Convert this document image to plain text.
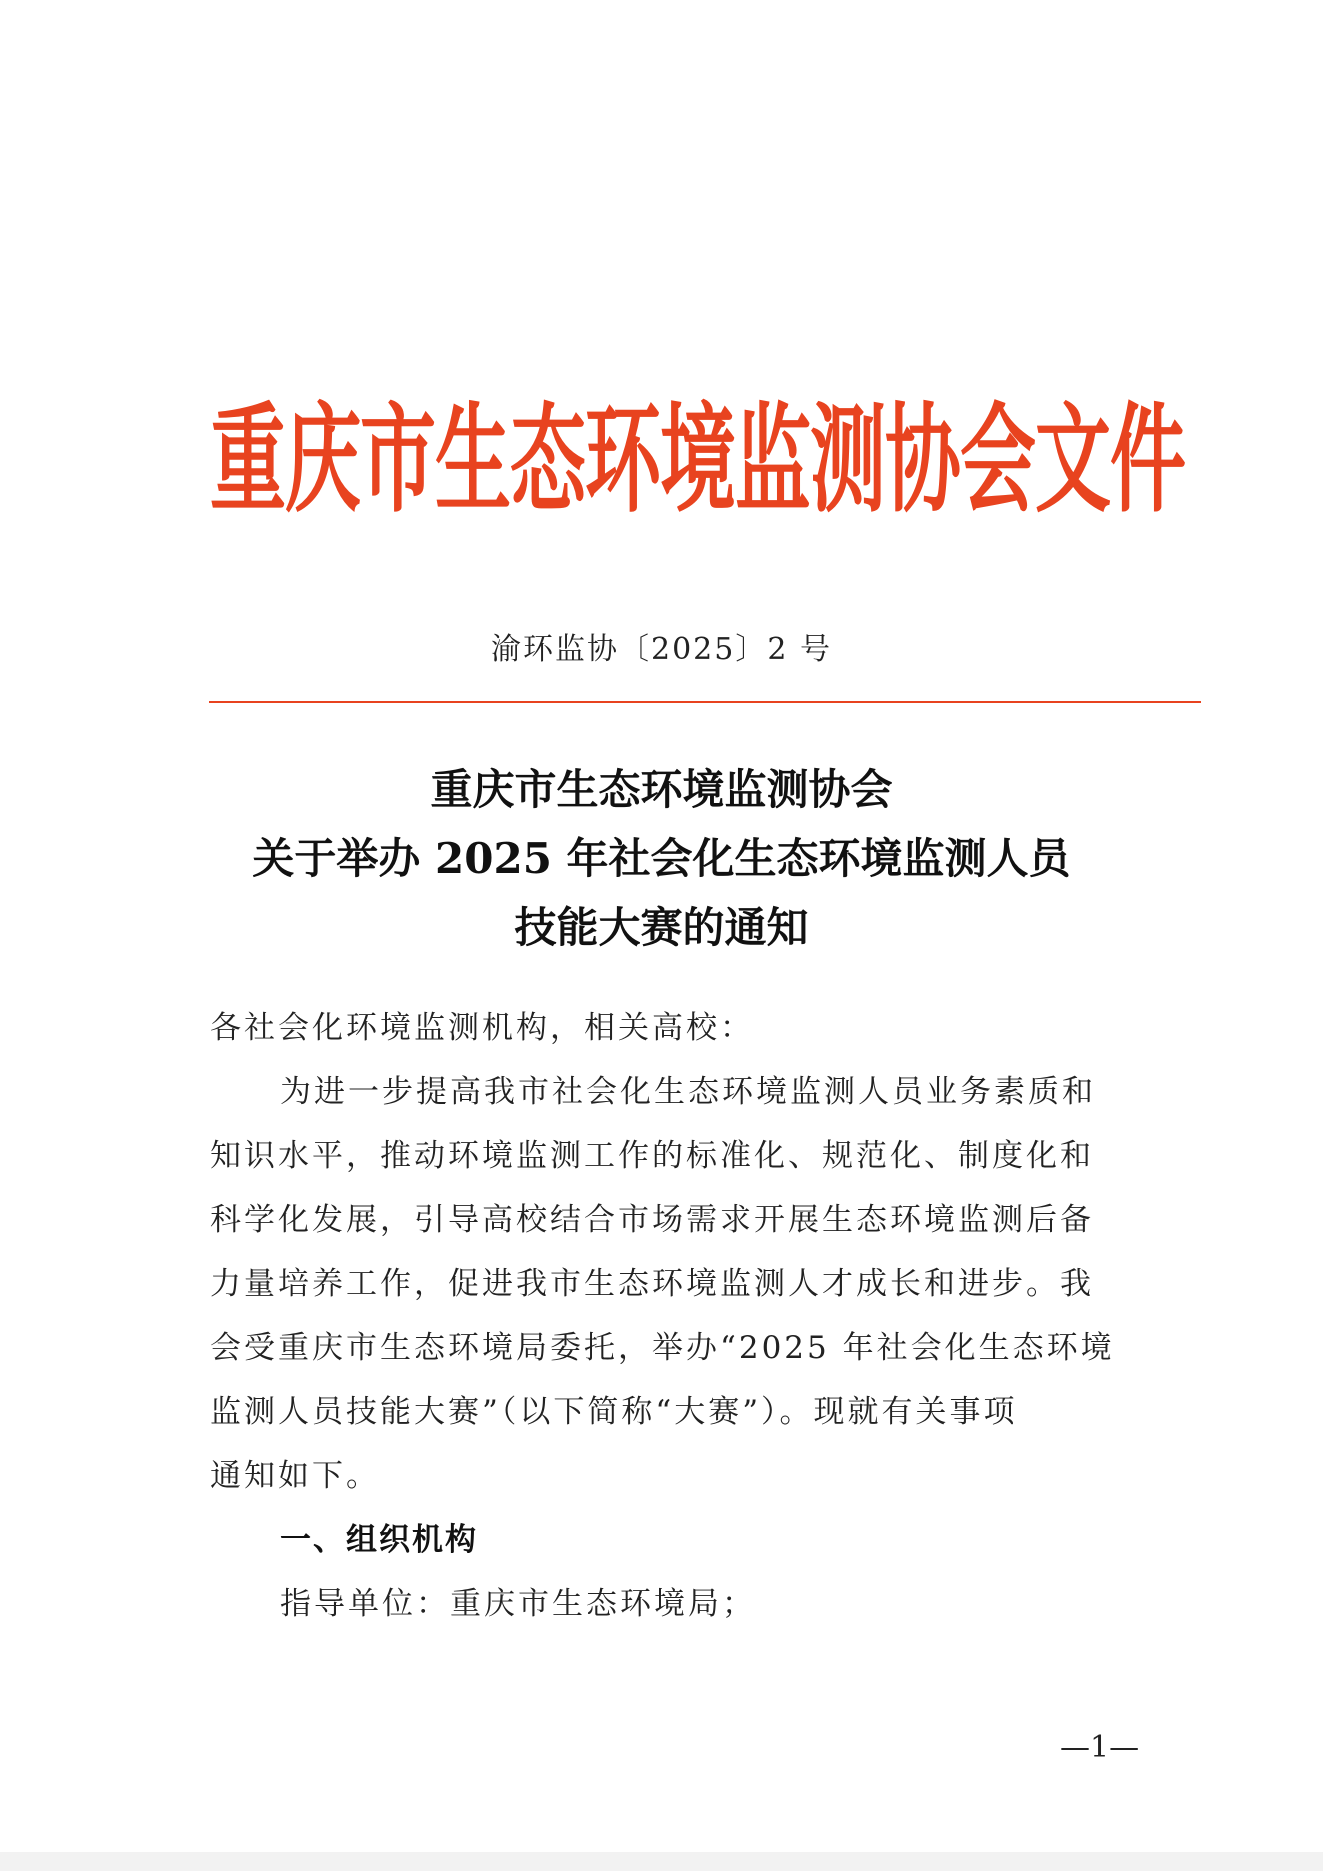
重庆市生态环境监测协会文件
渝环监协〔2025〕2 号
重庆市生态环境监测协会
关于举办 2025 年社会化生态环境监测人员
技能大赛的通知
各社会化环境监测机构，相关高校：
为进一步提高我市社会化生态环境监测人员业务素质和
知识水平，推动环境监测工作的标准化、规范化、制度化和
科学化发展，引导高校结合市场需求开展生态环境监测后备
力量培养工作，促进我市生态环境监测人才成长和进步。我
会受重庆市生态环境局委托，举办“2025 年社会化生态环境
监测人员技能大赛”（以下简称“大赛”）。现就有关事项
通知如下。
一、组织机构
指导单位：重庆市生态环境局；
—1—
